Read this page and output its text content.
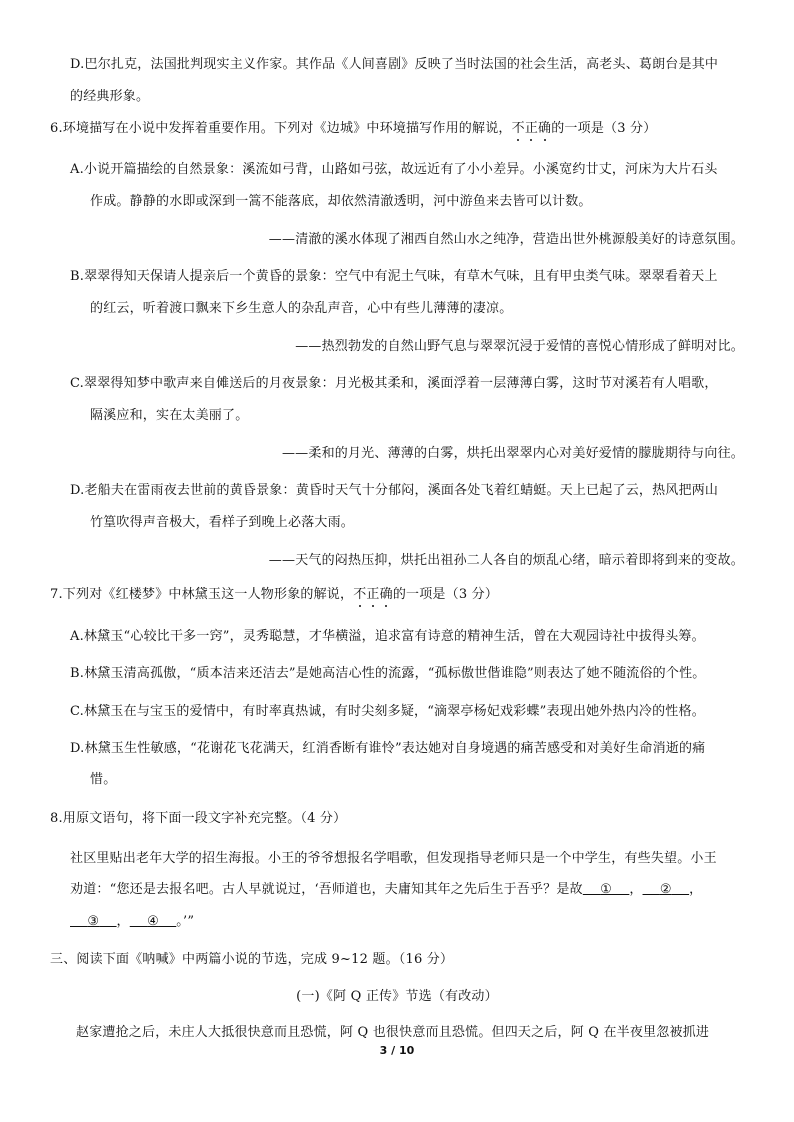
D.巴尔扎克，法国批判现实主义作家。其作品《人间喜剧》反映了当时法国的社会生活，高老头、葛朗台是其中
的经典形象。
6.环境描写在小说中发挥着重要作用。下列对《边城》中环境描写作用的解说，不正确的一项是（3 分）
A.小说开篇描绘的自然景象：溪流如弓背，山路如弓弦，故远近有了小小差异。小溪宽约廿丈，河床为大片石头
作成。静静的水即或深到一篙不能落底，却依然清澈透明，河中游鱼来去皆可以计数。
——清澈的溪水体现了湘西自然山水之纯净，营造出世外桃源般美好的诗意氛围。
B.翠翠得知天保请人提亲后一个黄昏的景象：空气中有泥土气味，有草木气味，且有甲虫类气味。翠翠看着天上
的红云，听着渡口飘来下乡生意人的杂乱声音，心中有些儿薄薄的凄凉。
——热烈勃发的自然山野气息与翠翠沉浸于爱情的喜悦心情形成了鲜明对比。
C.翠翠得知梦中歌声来自傩送后的月夜景象：月光极其柔和，溪面浮着一层薄薄白雾，这时节对溪若有人唱歌，
隔溪应和，实在太美丽了。
——柔和的月光、薄薄的白雾，烘托出翠翠内心对美好爱情的朦胧期待与向往。
D.老船夫在雷雨夜去世前的黄昏景象：黄昏时天气十分郁闷，溪面各处飞着红蜻蜓。天上已起了云，热风把两山
竹篁吹得声音极大，看样子到晚上必落大雨。
——天气的闷热压抑，烘托出祖孙二人各自的烦乱心绪，暗示着即将到来的变故。
7.下列对《红楼梦》中林黛玉这一人物形象的解说，不正确的一项是（3 分）
A.林黛玉“心较比干多一窍”，灵秀聪慧，才华横溢，追求富有诗意的精神生活，曾在大观园诗社中拔得头筹。
B.林黛玉清高孤傲，“质本洁来还洁去”是她高洁心性的流露，“孤标傲世偕谁隐”则表达了她不随流俗的个性。
C.林黛玉在与宝玉的爱情中，有时率真热诚，有时尖刻多疑，“滴翠亭杨妃戏彩蝶”表现出她外热内冷的性格。
D.林黛玉生性敏感，“花谢花飞花满天，红消香断有谁怜”表达她对自身境遇的痛苦感受和对美好生命消逝的痛
惜。
8.用原文语句，将下面一段文字补充完整。（4 分）
社区里贴出老年大学的招生海报。小王的爷爷想报名学唱歌，但发现指导老师只是一个中学生，有些失望。小王
劝道：“您还是去报名吧。古人早就说过，‘吾师道也，夫庸知其年之先后生于吾乎？是故 ① ， ② ，
③ ， ④ 。’”
三、阅读下面《呐喊》中两篇小说的节选，完成 9~12 题。（16 分）
(一)《阿 Q 正传》节选（有改动）
赵家遭抢之后，未庄人大抵很快意而且恐慌，阿 Q 也很快意而且恐慌。但四天之后，阿 Q 在半夜里忽被抓进
3 / 10
